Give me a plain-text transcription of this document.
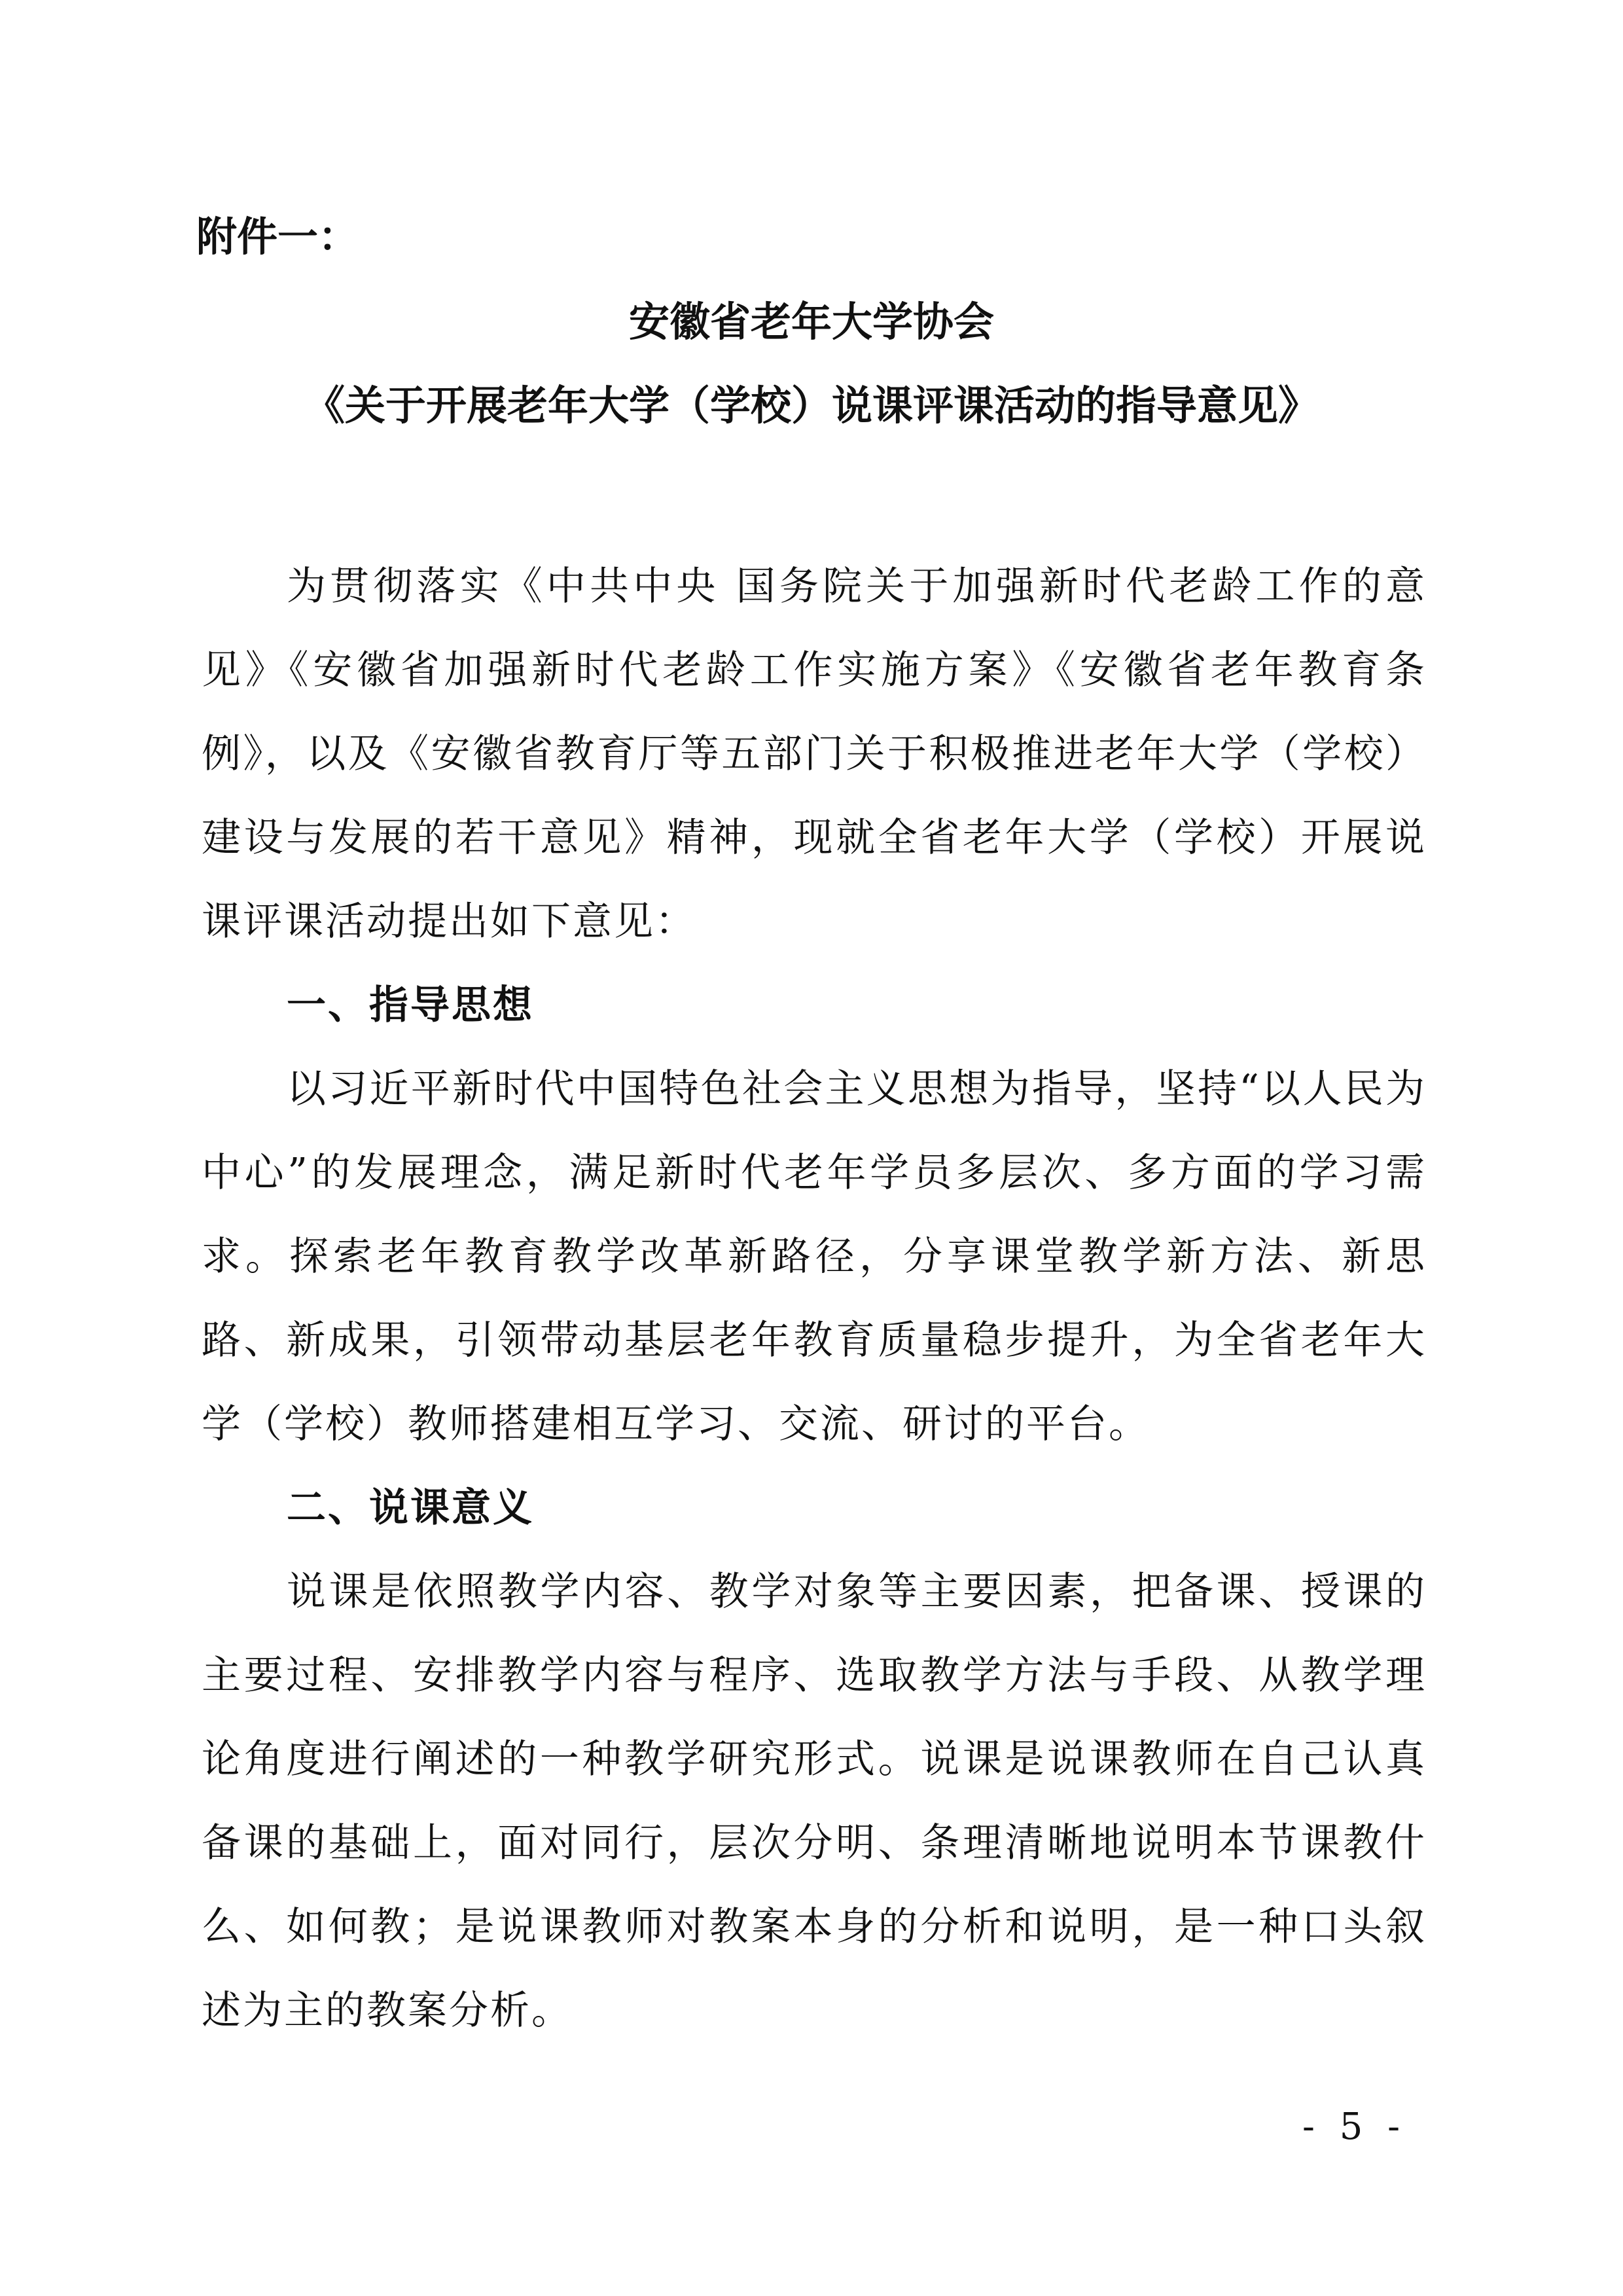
附件一：
安徽省老年大学协会
《关于开展老年大学（学校）说课评课活动的指导意见》

为贯彻落实《中共中央 国务院关于加强新时代老龄工作的意见》《安徽省加强新时代老龄工作实施方案》《安徽省老年教育条例》，以及《安徽省教育厅等五部门关于积极推进老年大学（学校）建设与发展的若干意见》精神，现就全省老年大学（学校）开展说课评课活动提出如下意见：

一、指导思想

以习近平新时代中国特色社会主义思想为指导，坚持“以人民为中心”的发展理念，满足新时代老年学员多层次、多方面的学习需求。探索老年教育教学改革新路径，分享课堂教学新方法、新思路、新成果，引领带动基层老年教育质量稳步提升，为全省老年大学（学校）教师搭建相互学习、交流、研讨的平台。

二、说课意义

说课是依照教学内容、教学对象等主要因素，把备课、授课的主要过程、安排教学内容与程序、选取教学方法与手段、从教学理论角度进行阐述的一种教学研究形式。说课是说课教师在自己认真备课的基础上，面对同行，层次分明、条理清晰地说明本节课教什么、如何教；是说课教师对教案本身的分析和说明，是一种口头叙述为主的教案分析。

- 5 -
